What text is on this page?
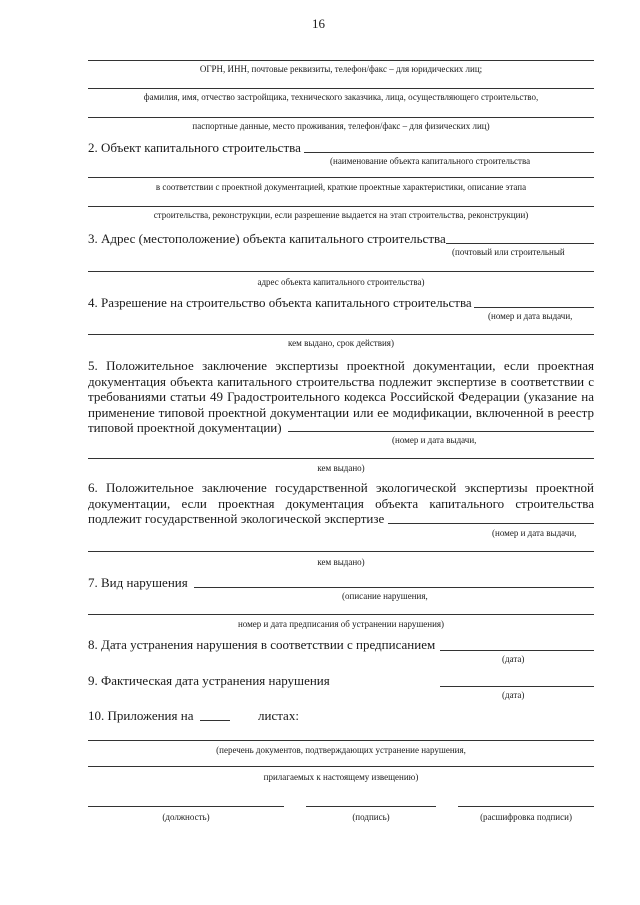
16
ОГРН, ИНН, почтовые реквизиты, телефон/факс – для юридических лиц;
фамилия, имя, отчество застройщика, технического заказчика, лица, осуществляющего строительство,
паспортные данные, место проживания, телефон/факс – для физических лиц)
2. Объект капитального строительства
(наименование объекта капитального строительства
в соответствии с проектной документацией, краткие проектные характеристики, описание этапа
строительства, реконструкции, если разрешение выдается на этап строительства, реконструкции)
3. Адрес (местоположение) объекта капитального строительства
(почтовый или строительный
адрес объекта капитального строительства)
4. Разрешение на строительство объекта капитального строительства
(номер и дата выдачи,
кем выдано, срок действия)
5. Положительное заключение экспертизы проектной документации, если проектная
документация объекта капитального строительства подлежит экспертизе в соответствии с
требованиями статьи 49 Градостроительного кодекса Российской Федерации (указание на
применение типовой проектной документации или ее модификации, включенной в реестр
типовой проектной документации)
(номер и дата выдачи,
кем выдано)
6. Положительное заключение государственной экологической экспертизы проектной
документации, если проектная документация объекта капитального строительства
подлежит государственной экологической экспертизе
(номер и дата выдачи,
кем выдано)
7. Вид нарушения
(описание нарушения,
номер и дата предписания об устранении нарушения)
8. Дата устранения нарушения в соответствии с предписанием
(дата)
9. Фактическая дата устранения нарушения
(дата)
10. Приложения на	листах:
(перечень документов, подтверждающих устранение нарушения,
прилагаемых к настоящему извещению)
(должность)	(подпись)	(расшифровка подписи)
